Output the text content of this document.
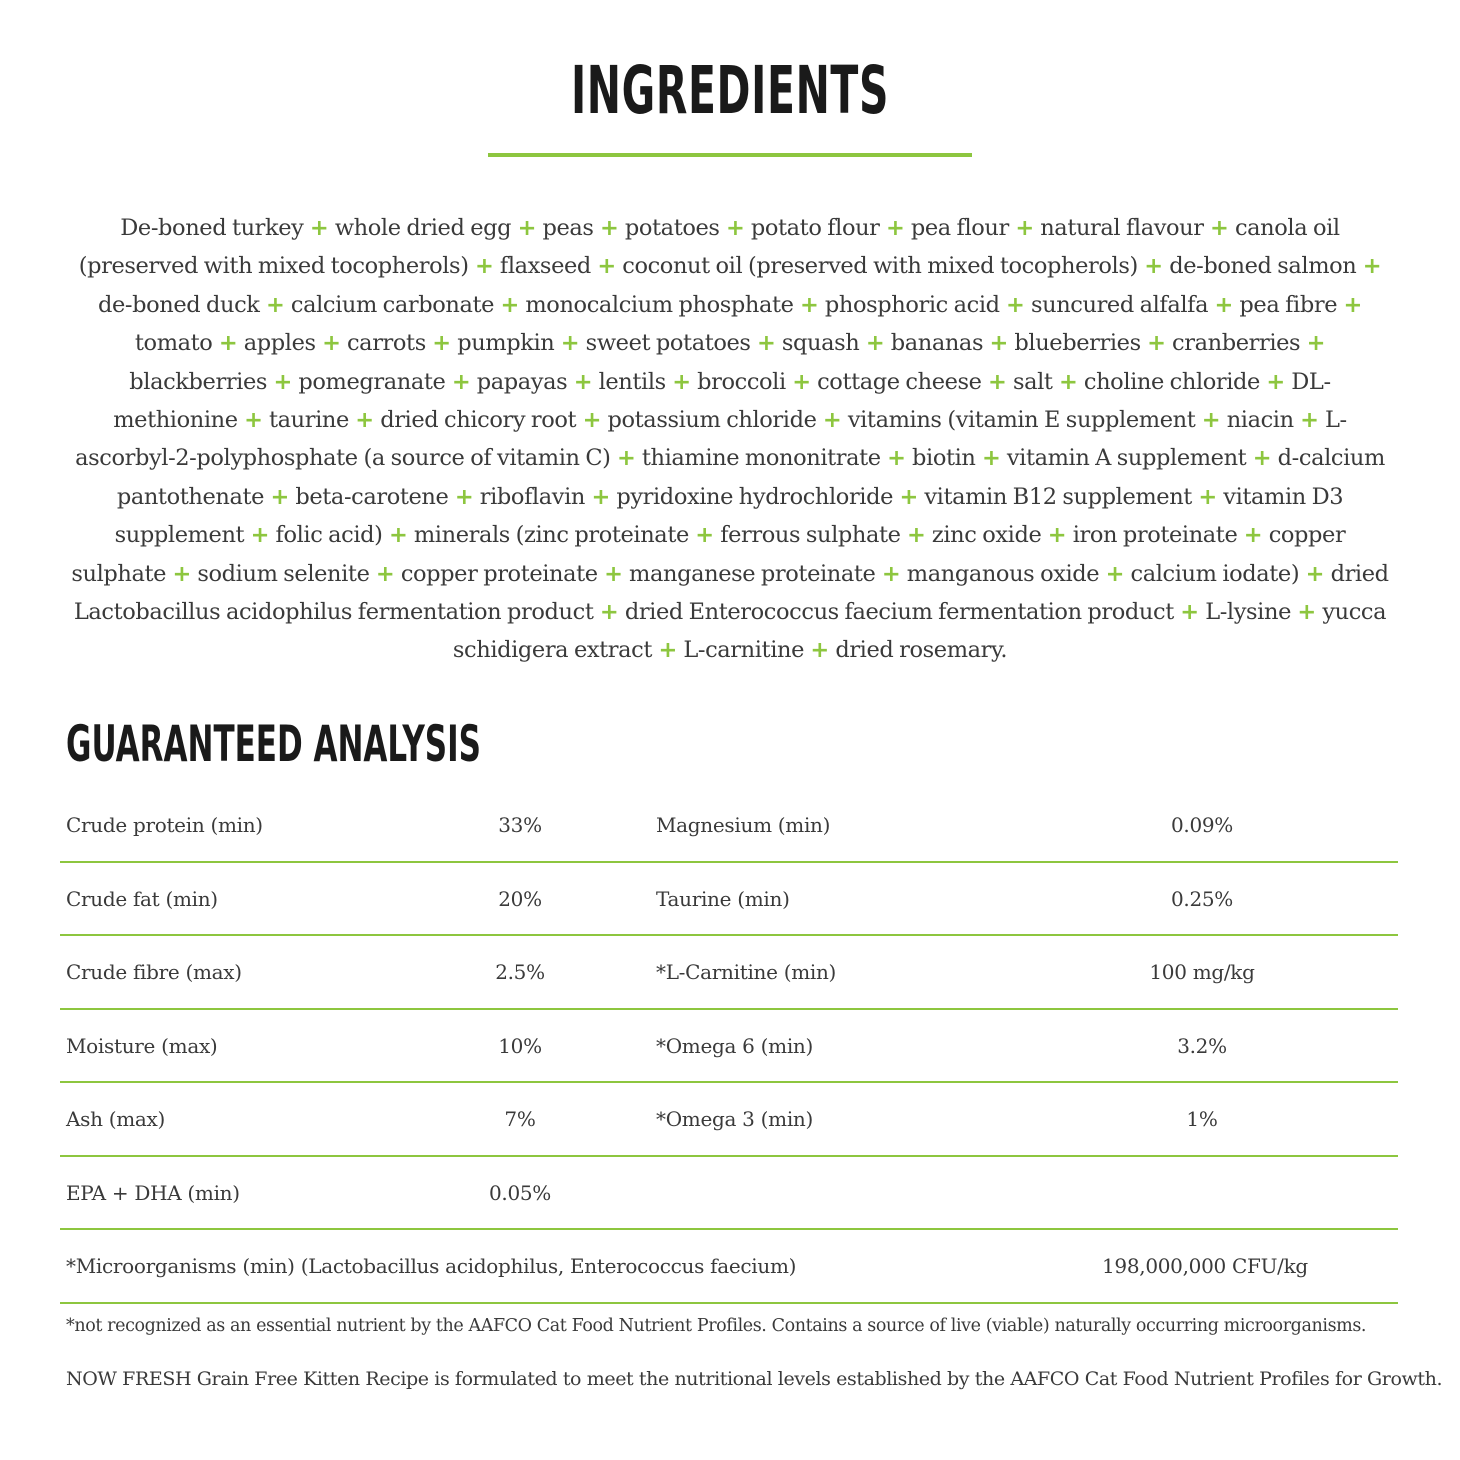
INGREDIENTS
De-boned turkey + whole dried egg + peas + potatoes + potato flour + pea flour + natural flavour + canola oil (preserved with mixed tocopherols) + flaxseed + coconut oil (preserved with mixed tocopherols) + de-boned salmon + de-boned duck + calcium carbonate + monocalcium phosphate + phosphoric acid + suncured alfalfa + pea fibre + tomato + apples + carrots + pumpkin + sweet potatoes + squash + bananas + blueberries + cranberries + blackberries + pomegranate + papayas + lentils + broccoli + cottage cheese + salt + choline chloride + DL-methionine + taurine + dried chicory root + potassium chloride + vitamins (vitamin E supplement + niacin + L-ascorbyl-2-polyphosphate (a source of vitamin C) + thiamine mononitrate + biotin + vitamin A supplement + d-calcium pantothenate + beta-carotene + riboflavin + pyridoxine hydrochloride + vitamin B12 supplement + vitamin D3 supplement + folic acid) + minerals (zinc proteinate + ferrous sulphate + zinc oxide + iron proteinate + copper sulphate + sodium selenite + copper proteinate + manganese proteinate + manganous oxide + calcium iodate) + dried Lactobacillus acidophilus fermentation product + dried Enterococcus faecium fermentation product + L-lysine + yucca schidigera extract + L-carnitine + dried rosemary.
GUARANTEED ANALYSIS
Crude protein (min)	33%	Magnesium (min)	0.09%
Crude fat (min)	20%	Taurine (min)	0.25%
Crude fibre (max)	2.5%	*L-Carnitine (min)	100 mg/kg
Moisture (max)	10%	*Omega 6 (min)	3.2%
Ash (max)	7%	*Omega 3 (min)	1%
EPA + DHA (min)	0.05%
*Microorganisms (min) (Lactobacillus acidophilus, Enterococcus faecium)	198,000,000 CFU/kg
*not recognized as an essential nutrient by the AAFCO Cat Food Nutrient Profiles. Contains a source of live (viable) naturally occurring microorganisms.
NOW FRESH Grain Free Kitten Recipe is formulated to meet the nutritional levels established by the AAFCO Cat Food Nutrient Profiles for Growth.
